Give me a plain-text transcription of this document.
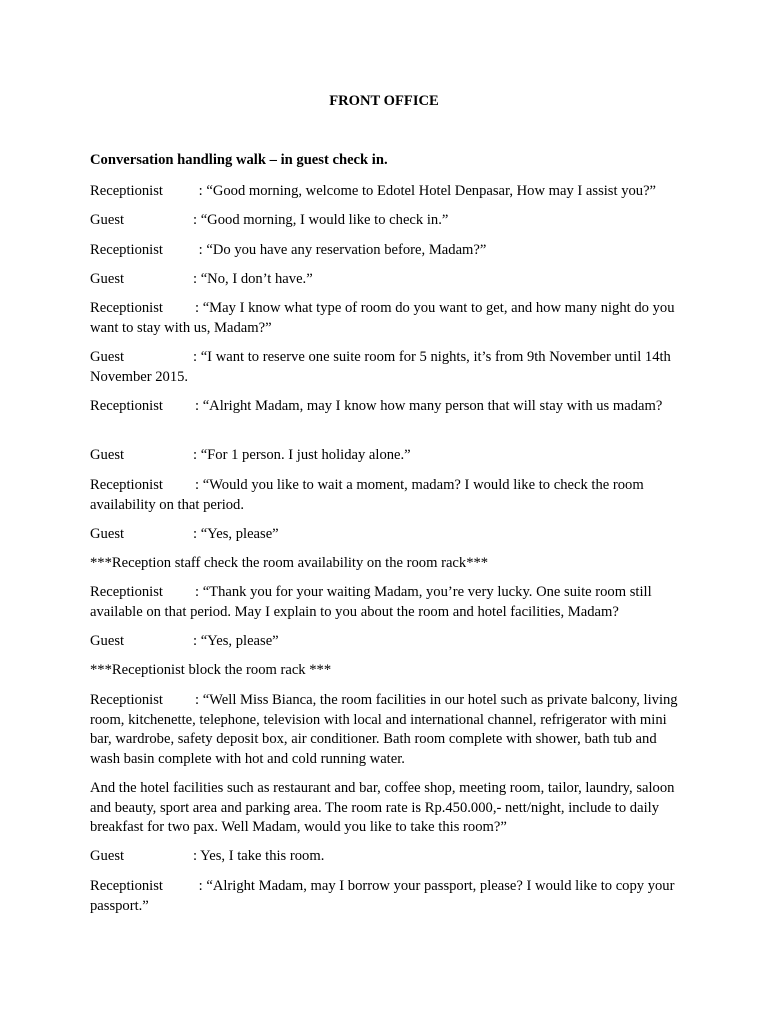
FRONT OFFICE
Conversation handling walk – in guest check in.

Receptionist : “Good morning, welcome to Edotel Hotel Denpasar, How may I assist you?”

Guest	: “Good morning, I would like to check in.”

Receptionist : “Do you have any reservation before, Madam?”

Guest	: “No, I don’t have.”

Receptionist : “May I know what type of room do you want to get, and how many night do you want to stay with us, Madam?”

Guest	: “I want to reserve one suite room for 5 nights, it’s from 9th November until 14th November 2015.

Receptionist : “Alright Madam, may I know how many person that will stay with us madam?

Guest	: “For 1 person. I just holiday alone.”

Receptionist : “Would you like to wait a moment, madam? I would like to check the room availability on that period.

Guest	: “Yes, please”

***Reception staff check the room availability on the room rack***

Receptionist : “Thank you for your waiting Madam, you’re very lucky. One suite room still available on that period. May I explain to you about the room and hotel facilities, Madam?

Guest	: “Yes, please”

***Receptionist block the room rack ***

Receptionist : “Well Miss Bianca, the room facilities in our hotel such as private balcony, living room, kitchenette, telephone, television with local and international channel, refrigerator with mini bar, wardrobe, safety deposit box, air conditioner. Bath room complete with shower, bath tub and wash basin complete with hot and cold running water.

And the hotel facilities such as restaurant and bar, coffee shop, meeting room, tailor, laundry, saloon and beauty, sport area and parking area. The room rate is Rp.450.000,- nett/night, include to daily breakfast for two pax. Well Madam, would you like to take this room?”

Guest	: Yes, I take this room.

Receptionist : “Alright Madam, may I borrow your passport, please? I would like to copy your passport.”
